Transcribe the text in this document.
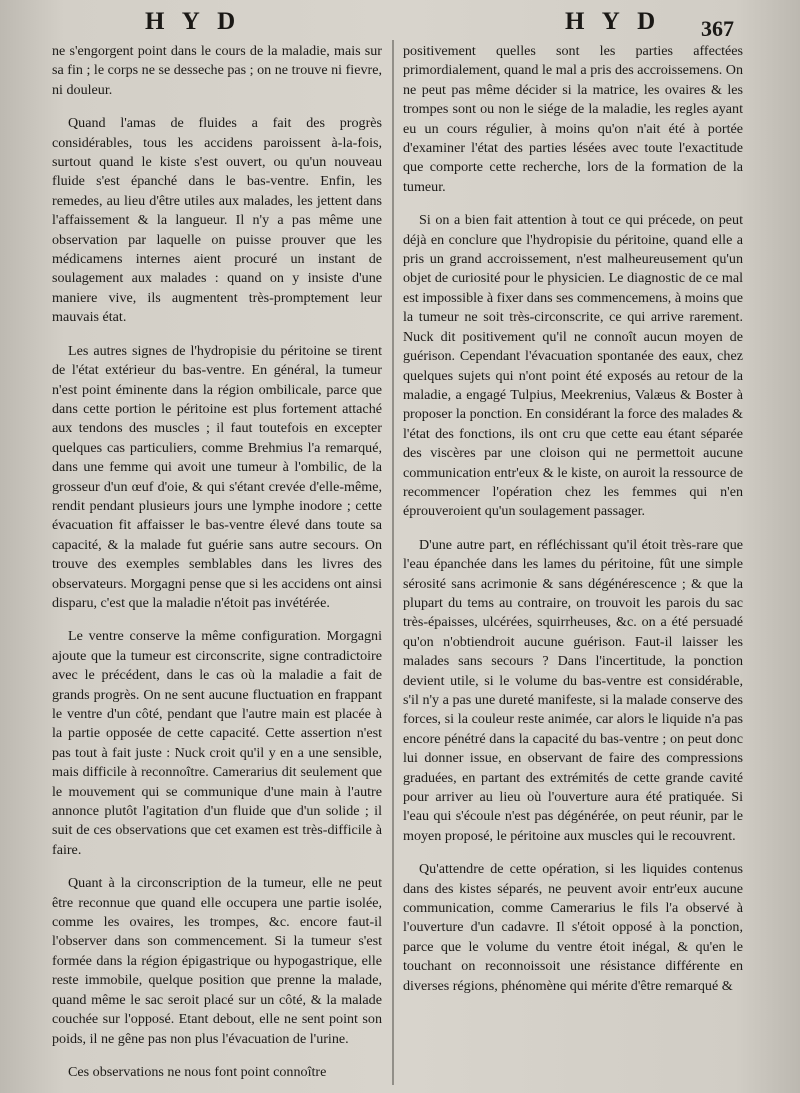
H Y D	H Y D 367

ne s'engorgent point dans le cours de la maladie, mais sur sa fin ; le corps ne se desseche pas ; on ne trouve ni fievre, ni douleur.

Quand l'amas de fluides a fait des progrès considérables, tous les accidens paroissent à-la-fois, surtout quand le kiste s'est ouvert, ou qu'un nouveau fluide s'est épanché dans le bas-ventre. Enfin, les remedes, au lieu d'être utiles aux malades, les jettent dans l'affaissement & la langueur. Il n'y a pas même une observation par laquelle on puisse prouver que les médicamens internes aient procuré un instant de soulagement aux malades : quand on y insiste d'une maniere vive, ils augmentent très-promptement leur mauvais état.

Les autres signes de l'hydropisie du péritoine se tirent de l'état extérieur du bas-ventre. En général, la tumeur n'est point éminente dans la région ombilicale, parce que dans cette portion le péritoine est plus fortement attaché aux tendons des muscles ; il faut toutefois en excepter quelques cas particuliers, comme Brehmius l'a remarqué, dans une femme qui avoit une tumeur à l'ombilic, de la grosseur d'un œuf d'oie, & qui s'étant crevée d'elle-même, rendit pendant plusieurs jours une lymphe inodore ; cette évacuation fit affaisser le bas-ventre élevé dans toute sa capacité, & la malade fut guérie sans autre secours. On trouve des exemples semblables dans les livres des observateurs. Morgagni pense que si les accidens ont ainsi disparu, c'est que la maladie n'étoit pas invétérée.

Le ventre conserve la même configuration. Morgagni ajoute que la tumeur est circonscrite, signe contradictoire avec le précédent, dans le cas où la maladie a fait de grands progrès. On ne sent aucune fluctuation en frappant le ventre d'un côté, pendant que l'autre main est placée à la partie opposée de cette capacité. Cette assertion n'est pas tout à fait juste : Nuck croit qu'il y en a une sensible, mais difficile à reconnoître. Camerarius dit seulement que le mouvement qui se communique d'une main à l'autre annonce plutôt l'agitation d'un fluide que d'un solide ; il suit de ces observations que cet examen est très-difficile à faire.

Quant à la circonscription de la tumeur, elle ne peut être reconnue que quand elle occupera une partie isolée, comme les ovaires, les trompes, &c. encore faut-il l'observer dans son commencement. Si la tumeur s'est formée dans la région épigastrique ou hypogastrique, elle reste immobile, quelque position que prenne la malade, quand même le sac seroit placé sur un côté, & la malade couchée sur l'opposé. Etant debout, elle ne sent point son poids, il ne gêne pas non plus l'évacuation de l'urine.

Ces observations ne nous font point connoître

positivement quelles sont les parties affectées primordialement, quand le mal a pris des accroissemens. On ne peut pas même décider si la matrice, les ovaires & les trompes sont ou non le siége de la maladie, les regles ayant eu un cours régulier, à moins qu'on n'ait été à portée d'examiner l'état des parties lésées avec toute l'exactitude que comporte cette recherche, lors de la formation de la tumeur.

Si on a bien fait attention à tout ce qui précede, on peut déjà en conclure que l'hydropisie du péritoine, quand elle a pris un grand accroissement, n'est malheureusement qu'un objet de curiosité pour le physicien. Le diagnostic de ce mal est impossible à fixer dans ses commencemens, à moins que la tumeur ne soit très-circonscrite, ce qui arrive rarement. Nuck dit positivement qu'il ne connoît aucun moyen de guérison. Cependant l'évacuation spontanée des eaux, chez quelques sujets qui n'ont point été exposés au retour de la maladie, a engagé Tulpius, Meekrenius, Valæus & Boster à proposer la ponction. En considérant la force des malades & l'état des fonctions, ils ont cru que cette eau étant séparée des viscères par une cloison qui ne permettoit aucune communication entr'eux & le kiste, on auroit la ressource de recommencer l'opération chez les femmes qui n'en éprouveroient qu'un soulagement passager.

D'une autre part, en réfléchissant qu'il étoit très-rare que l'eau épanchée dans les lames du péritoine, fût une simple sérosité sans acrimonie & sans dégénérescence ; & que la plupart du tems au contraire, on trouvoit les parois du sac très-épaisses, ulcérées, squirrheuses, &c. on a été persuadé qu'on n'obtiendroit aucune guérison. Faut-il laisser les malades sans secours ? Dans l'incertitude, la ponction devient utile, si le volume du bas-ventre est considérable, s'il n'y a pas une dureté manifeste, si la malade conserve des forces, si la couleur reste animée, car alors le liquide n'a pas encore pénétré dans la capacité du bas-ventre ; on peut donc lui donner issue, en observant de faire des compressions graduées, en partant des extrémités de cette grande cavité pour arriver au lieu où l'ouverture aura été pratiquée. Si l'eau qui s'écoule n'est pas dégénérée, on peut réunir, par le moyen proposé, le péritoine aux muscles qui le recouvrent.

Qu'attendre de cette opération, si les liquides contenus dans des kistes séparés, ne peuvent avoir entr'eux aucune communication, comme Camerarius le fils l'a observé à l'ouverture d'un cadavre. Il s'étoit opposé à la ponction, parce que le volume du ventre étoit inégal, & qu'en le touchant on reconnoissoit une résistance différente en diverses régions, phénomène qui mérite d'être remarqué &
